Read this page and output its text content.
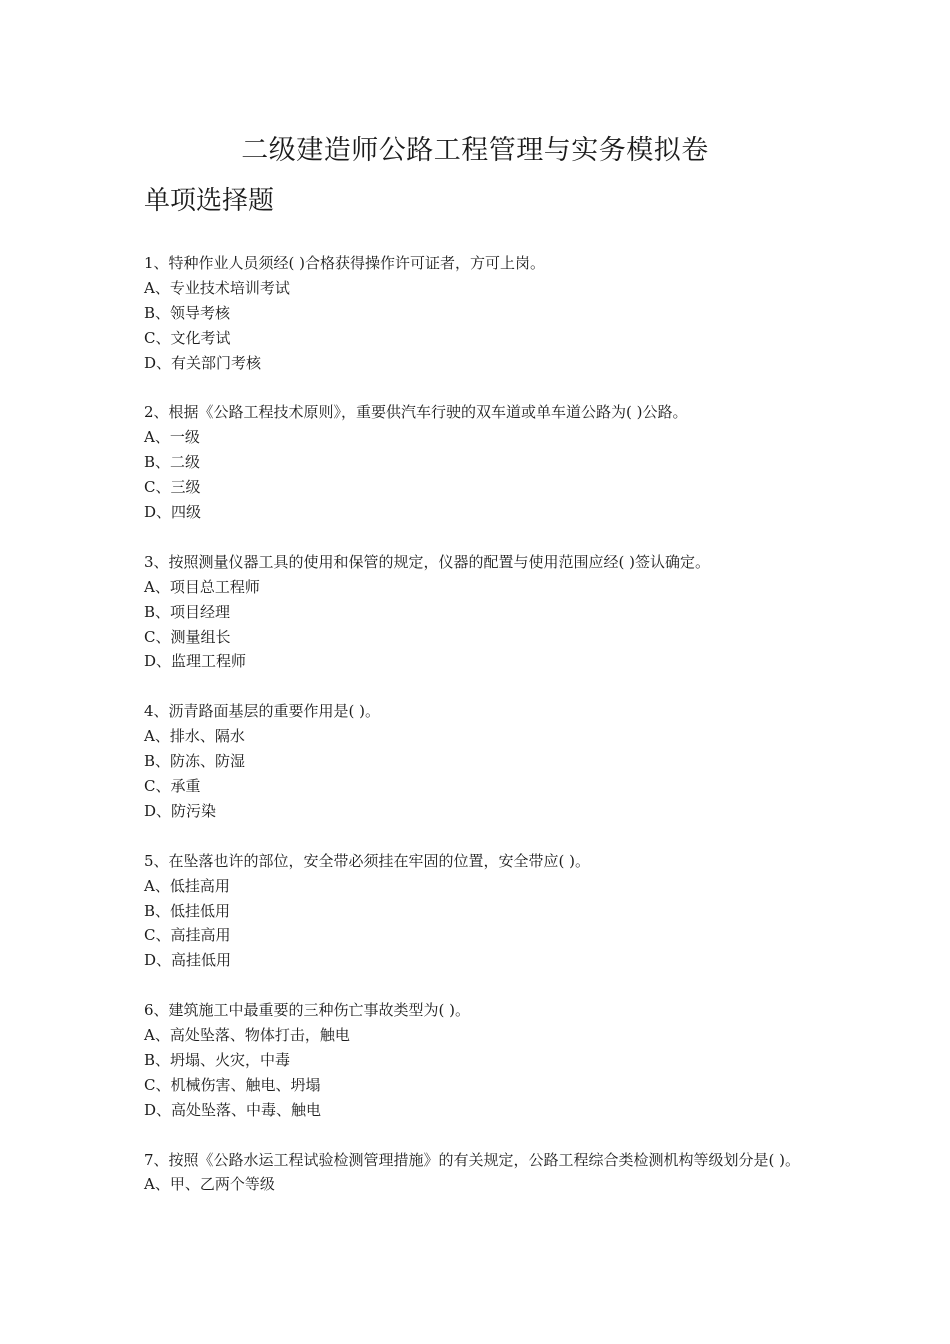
二级建造师公路工程管理与实务模拟卷
单项选择题

1、特种作业人员须经( )合格获得操作许可证者，方可上岗。

A、专业技术培训考试

B、领导考核

C、文化考试

D、有关部门考核

2、根据《公路工程技术原则》，重要供汽车行驶的双车道或单车道公路为( )公路。

A、一级

B、二级

C、三级

D、四级

3、按照测量仪器工具的使用和保管的规定，仪器的配置与使用范围应经( )签认确定。

A、项目总工程师

B、项目经理

C、测量组长

D、监理工程师

4、沥青路面基层的重要作用是( )。

A、排水、隔水

B、防冻、防湿

C、承重

D、防污染

5、在坠落也许的部位，安全带必须挂在牢固的位置，安全带应( )。

A、低挂高用

B、低挂低用

C、高挂高用

D、高挂低用

6、建筑施工中最重要的三种伤亡事故类型为( )。

A、高处坠落、物体打击，触电

B、坍塌、火灾，中毒

C、机械伤害、触电、坍塌

D、高处坠落、中毒、触电

7、按照《公路水运工程试验检测管理措施》的有关规定，公路工程综合类检测机构等级划分是( )。

A、甲、乙两个等级
